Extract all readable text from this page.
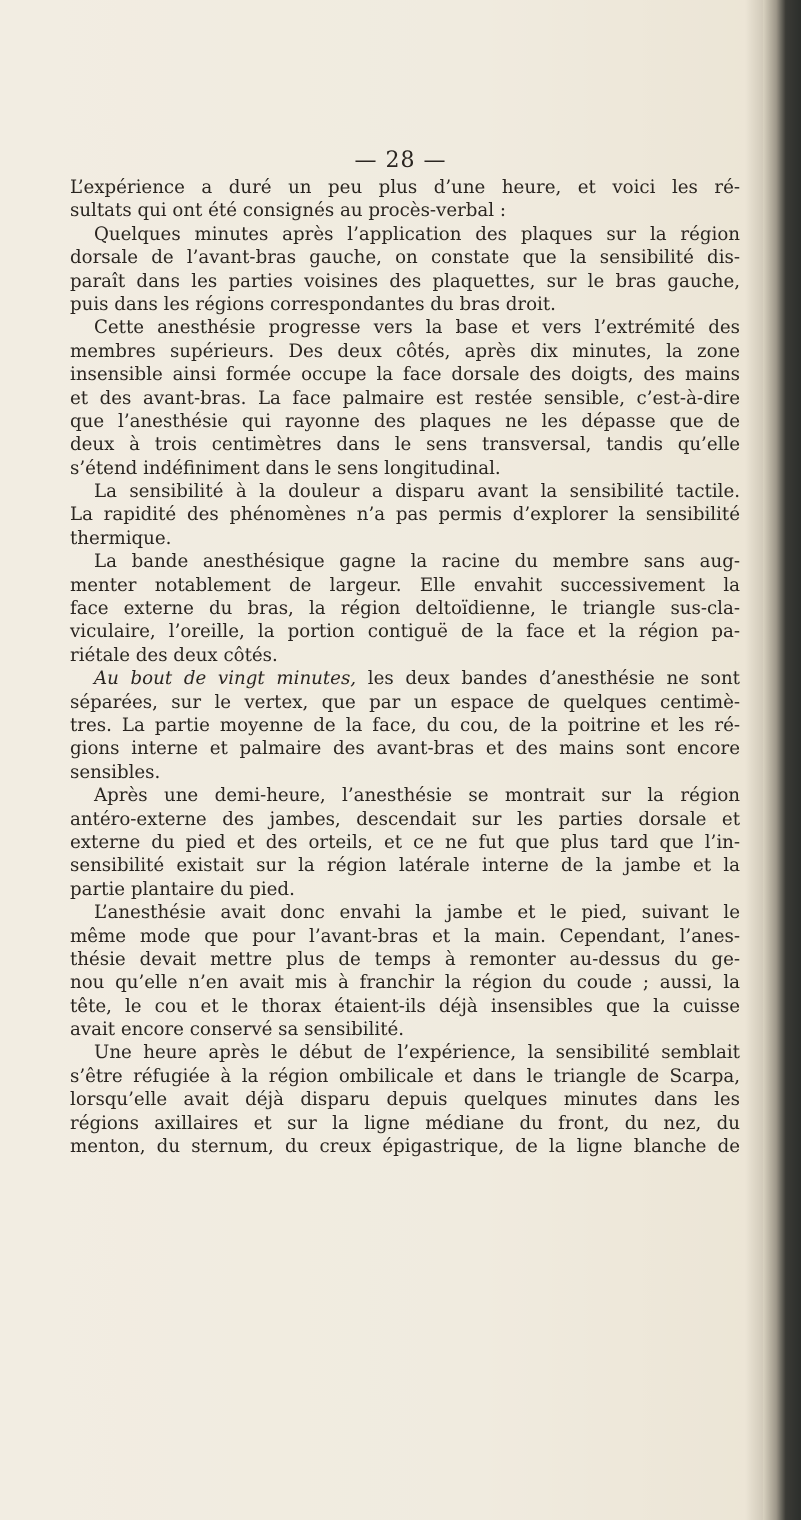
— 28 —
L’expérience a duré un peu plus d’une heure, et voici les ré-
sultats qui ont été consignés au procès-verbal :
Quelques minutes après l’application des plaques sur la région
dorsale de l’avant-bras gauche, on constate que la sensibilité dis-
paraît dans les parties voisines des plaquettes, sur le bras gauche,
puis dans les régions correspondantes du bras droit.
Cette anesthésie progresse vers la base et vers l’extrémité des
membres supérieurs. Des deux côtés, après dix minutes, la zone
insensible ainsi formée occupe la face dorsale des doigts, des mains
et des avant-bras. La face palmaire est restée sensible, c’est-à-dire
que l’anesthésie qui rayonne des plaques ne les dépasse que de
deux à trois centimètres dans le sens transversal, tandis qu’elle
s’étend indéfiniment dans le sens longitudinal.
La sensibilité à la douleur a disparu avant la sensibilité tactile.
La rapidité des phénomènes n’a pas permis d’explorer la sensibilité
thermique.
La bande anesthésique gagne la racine du membre sans aug-
menter notablement de largeur. Elle envahit successivement la
face externe du bras, la région deltoïdienne, le triangle sus-cla-
viculaire, l’oreille, la portion contiguë de la face et la région pa-
riétale des deux côtés.
Au bout de vingt minutes, les deux bandes d’anesthésie ne sont
séparées, sur le vertex, que par un espace de quelques centimè-
tres. La partie moyenne de la face, du cou, de la poitrine et les ré-
gions interne et palmaire des avant-bras et des mains sont encore
sensibles.
Après une demi-heure, l’anesthésie se montrait sur la région
antéro-externe des jambes, descendait sur les parties dorsale et
externe du pied et des orteils, et ce ne fut que plus tard que l’in-
sensibilité existait sur la région latérale interne de la jambe et la
partie plantaire du pied.
L’anesthésie avait donc envahi la jambe et le pied, suivant le
même mode que pour l’avant-bras et la main. Cependant, l’anes-
thésie devait mettre plus de temps à remonter au-dessus du ge-
nou qu’elle n’en avait mis à franchir la région du coude ; aussi, la
tête, le cou et le thorax étaient-ils déjà insensibles que la cuisse
avait encore conservé sa sensibilité.
Une heure après le début de l’expérience, la sensibilité semblait
s’être réfugiée à la région ombilicale et dans le triangle de Scarpa,
lorsqu’elle avait déjà disparu depuis quelques minutes dans les
régions axillaires et sur la ligne médiane du front, du nez, du
menton, du sternum, du creux épigastrique, de la ligne blanche de
